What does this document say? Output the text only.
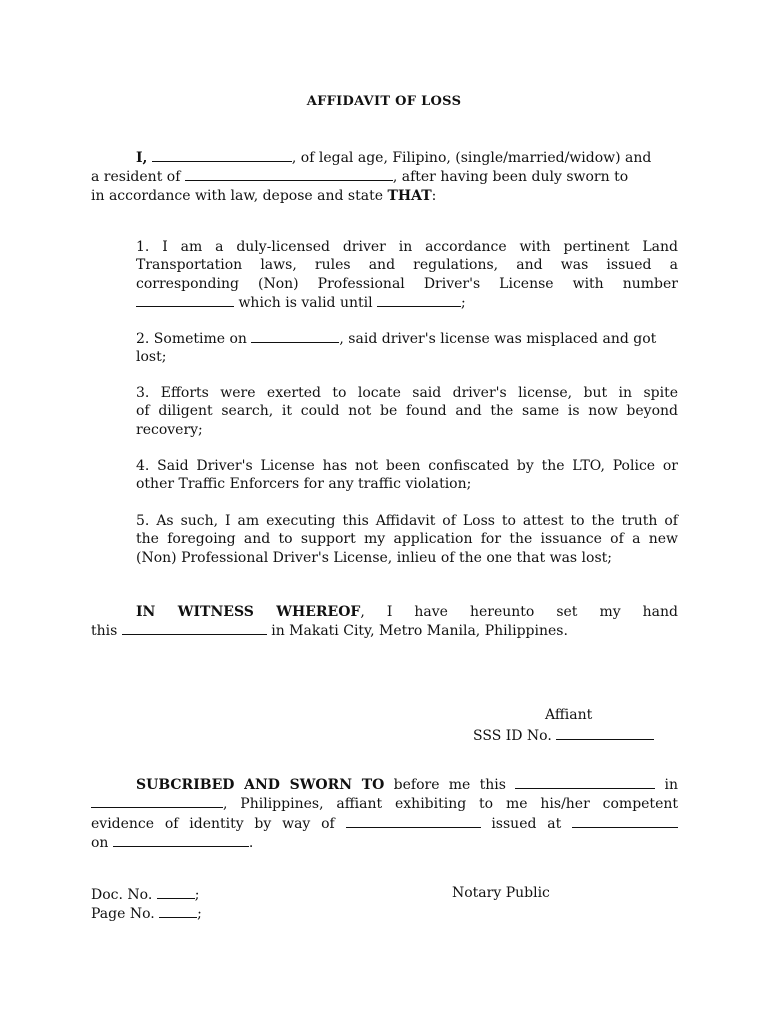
AFFIDAVIT OF LOSS
I,	, of legal age, Filipino, (single/married/widow) and
a resident of	, after having been duly sworn to
in accordance with law, depose and state THAT:
1. I am a duly-licensed driver in accordance with pertinent Land
Transportation laws, rules and regulations, and was issued a
corresponding (Non) Professional Driver's License with number
which is valid until	;
2. Sometime on	, said driver's license was misplaced and got
lost;
3. Efforts were exerted to locate said driver's license, but in spite
of diligent search, it could not be found and the same is now beyond
recovery;
4. Said Driver's License has not been confiscated by the LTO, Police or
other Traffic Enforcers for any traffic violation;
5. As such, I am executing this Affidavit of Loss to attest to the truth of
the foregoing and to support my application for the issuance of a new
(Non) Professional Driver's License, inlieu of the one that was lost;
IN WITNESS WHEREOF, I have hereunto set my hand
this	in Makati City, Metro Manila, Philippines.
Affiant
SSS ID No.
SUBCRIBED AND SWORN TO before me this	in
, Philippines, affiant exhibiting to me his/her competent
evidence of identity by way of	issued at
on	.
Doc. No.	;
Page No.	;
Notary Public
